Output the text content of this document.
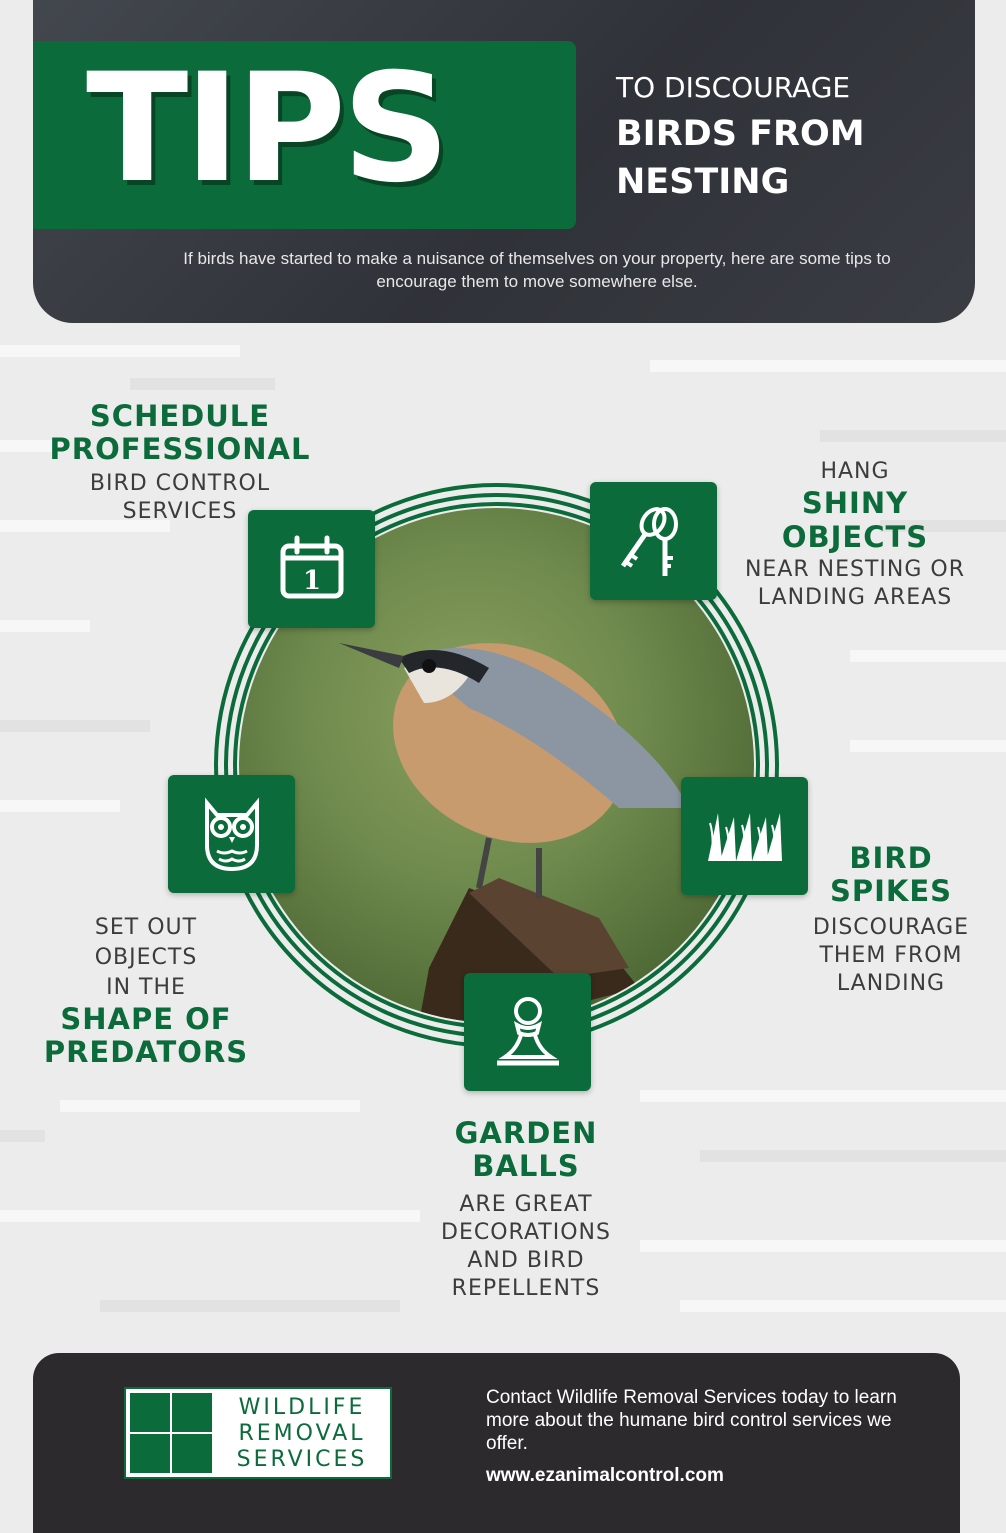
TIPS	TO DISCOURAGE
BIRDS FROM NESTING
If birds have started to make a nuisance of themselves on your property, here are some tips to encourage them to move somewhere else.
1

SCHEDULE PROFESSIONAL

BIRD CONTROL SERVICES

HANG

SHINY OBJECTS

NEAR NESTING OR LANDING AREAS

BIRD SPIKES

DISCOURAGE THEM FROM LANDING

SET OUT OBJECTS IN THE

SHAPE OF PREDATORS

GARDEN BALLS

ARE GREAT DECORATIONS AND BIRD REPELLENTS

WILDLIFE
REMOVAL
SERVICES
Contact Wildlife Removal Services today to learn more about the humane bird control services we offer.
www.ezanimalcontrol.com
